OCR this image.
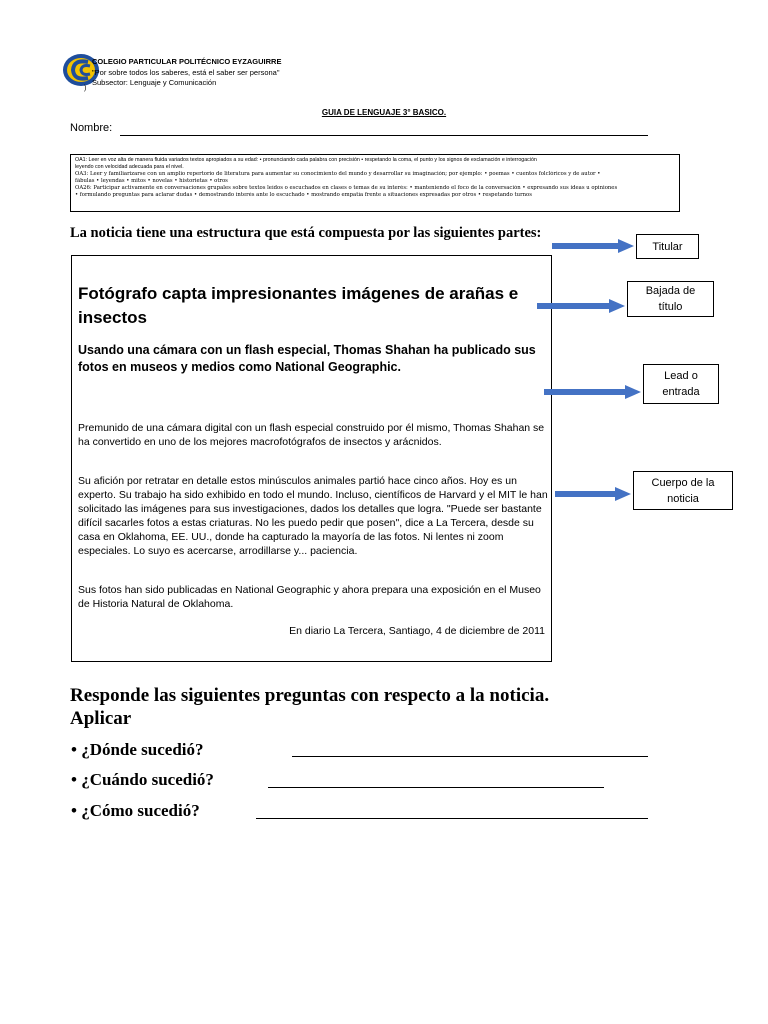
COLEGIO PARTICULAR POLITÉCNICO EYZAGUIRRE
"Por sobre todos los saberes, está el saber ser persona"
Subsector: Lenguaje y Comunicación
)
GUIA DE LENGUAJE 3° BASICO.
Nombre:
OA1: Leer en voz alta de manera fluida variados textos apropiados a su edad: • pronunciando cada palabra con precisión • respetando la coma, el punto y los signos de exclamación e interrogación
leyendo con velocidad adecuada para el nivel.
OA3: Leer y familiarizarse con un amplio repertorio de literatura para aumentar su conocimiento del mundo y desarrollar su imaginación; por ejemplo: • poemas • cuentos folclóricos y de autor •
fábulas • leyendas • mitos • novelas • historietas • otros
OA26: Participar activamente en conversaciones grupales sobre textos leídos o escuchados en clases o temas de su interés: • manteniendo el foco de la conversación • expresando sus ideas u opiniones
• formulando preguntas para aclarar dudas • demostrando interés ante lo escuchado • mostrando empatía frente a situaciones expresadas por otros • respetando turnos
La noticia tiene una estructura que está compuesta por las siguientes partes:
Fotógrafo capta impresionantes imágenes de arañas e insectos
Usando una cámara con un flash especial, Thomas Shahan ha publicado sus fotos en museos y medios como National Geographic.
Premunido de una cámara digital con un flash especial construido por él mismo, Thomas Shahan se ha convertido en uno de los mejores macrofotógrafos de insectos y arácnidos.
Su afición por retratar en detalle estos minúsculos animales partió hace cinco años. Hoy es un experto. Su trabajo ha sido exhibido en todo el mundo. Incluso, científicos de Harvard y el MIT le han solicitado las imágenes para sus investigaciones, dados los detalles que logra. "Puede ser bastante difícil sacarles fotos a estas criaturas. No les puedo pedir que posen", dice a La Tercera, desde su casa en Oklahoma, EE. UU., donde ha capturado la mayoría de las fotos. Ni lentes ni zoom especiales. Lo suyo es acercarse, arrodillarse y... paciencia.
Sus fotos han sido publicadas en National Geographic y ahora prepara una exposición en el Museo de Historia Natural de Oklahoma.
En diario La Tercera, Santiago, 4 de diciembre de 2011
Titular
Bajada de
título
Lead o
entrada
Cuerpo de la
noticia
Responde las siguientes preguntas con respecto a la noticia.
Aplicar
• ¿Dónde sucedió?
• ¿Cuándo sucedió?
• ¿Cómo sucedió?
